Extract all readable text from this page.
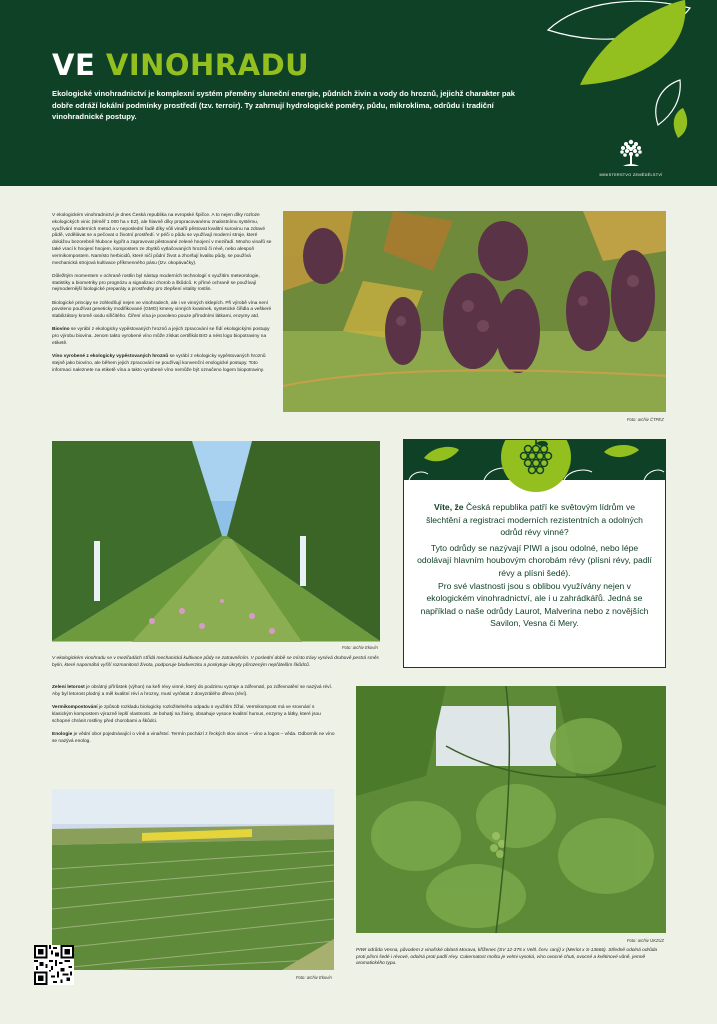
VE VINOHRADU
Ekologické vinohradnictví je komplexní systém přeměny sluneční energie, půdních živin a vody do hroznů, jejichž charakter pak dobře odráží lokální podmínky prostředí (tzv. terroir). Ty zahrnují hydrologické poměry, půdu, mikroklima, odrůdu i tradiční vinohradnické postupy.
MINISTERSTVO ZEMĚDĚLSTVÍ

V ekologickém vinohradnictví je dnes Česká republika na evropské špičce. A to nejen díky rozloze ekologických vinic (téměř 1 000 ha v EZ), ale hlavně díky propracovanému znalostnímu systému, využívání moderních metod a v neposlední řadě díky vůli vinařů pěstovat kvalitní surovinu na zdravé půdě, vzdělávat se a pečovat o životní prostředí. V péči o půdu se využívají moderní stroje, které dokážou bezorebně hluboce kypřit a zapravovat pěstované zelené hnojení v meziřadí. Mnoho vinařů se také vrací k hnojení hnojem, kompostem ze zbytků vytlačovaných hroznů či révě, nebo alespoň vermikompostem. Namísto herbicidů, které ničí půdní život a zhoršují kvalitu půdy, se používá mechanická strojová kultivace příkmenného pásu (tzv. okopávačky).

Důležitým momentem v ochraně rostlin byl nástup moderních technologií s využitím meteorologie, statistiky a biometriky pro prognózu a signalizaci chorob a škůdců. K přímé ochraně se používají nejmodernější biologické preparáty a prostředky pro zlepšení vitality rostlin.

Biologické principy se zohledňují nejen ve vinohradech, ale i ve vinných sklepích. Při výrobě vína není povoleno používat geneticky modifikované (GMO) kmeny vinných kvasinek, syntetické čiřidla a veškeré stabilizátory kromě oxidu siřičitého. Čiření vína je povoleno pouze přírodními látkami, enzymy atd.

Biovíno se vyrábí z ekologicky vypěstovaných hroznů a jejich zpracování se řídí ekologickými postupy pro výrobu biovína. Jenom takto vyrobené víno může získat certifikát BIO a nést logo biopotraviny na etiketě.

Víno vyrobené z ekologicky vypěstovaných hroznů se vyrábí z ekologicky vypěstovaných hroznů stejně jako biovíno, ale během jejich zpracování se používají konvenční enologické postupy. Toto informaci naleznete na etiketě vína a takto vyrobené víno nemůže být označeno logem biopotraviny.

Foto: archiv ČTPEZ
Foto: archiv Ekovín
V ekologickém vinohradu se v meziřadách střídá mechanická kultivace půdy se zatravněním. V poslední době se místo trávy vysévá druhově pestrá směs bylin, které napomáhá vyšší rozmanitosti života, podporuje biodiverzitu a poskytuje úkryty přirozeným nepřátelům škůdců.

Víte, že Česká republika patří ke světovým lídrům ve šlechtění a registraci moderních rezistentních a odolných odrůd révy vinné?

Tyto odrůdy se nazývají PIWI a jsou odolné, nebo lépe odolávají hlavním houbovým chorobám révy (plísni révy, padlí révy a plísni šedé).

Pro své vlastnosti jsou s oblibou využívány nejen v ekologickém vinohradnictví, ale i u zahrádkářů. Jedná se například o naše odrůdy Laurot, Malverina nebo z novějších Savilon, Vesna či Mery.

Zelení letorost je obrátný přírůstek (výhon) na keři révy vinné, který do podzimu vyzraje a zdřevnatí, po zdřevnatění se nazývá réví. Aby byl letorost plodný a měl kvalitní réví a hrozny, musí vyrůstat z dovyzrálého dřeva (réví).

Vermikompostování je způsob rozkladu biologicky rozložitelného odpadu s využitím žížal. Vermikompost má ve srovnání s klasickým kompostem výrazně lepší vlastnosti. Je bohatý na živiny, obsahuje vysoce kvalitní humus, enzymy a látky, které jsou schopné chránit rostliny před chorobami a škůdci.

Enologie je vědní obor pojednávající o víně a vinařství. Termín pochází z řeckých slov oinos – víno a logos – věda. Odborník ne víno se nazývá enolog.

Foto: archiv Ekovín
Foto: archiv ÚKZÚZ
PIWI odrůda Vesna, původem z vinařské oblasti Morava, kříženec (SV 12-375 x Veltl. červ. raný) x (Merlot x S-13666). Středně odolná odrůda proti plísni šedé i révové, odolná proti padlí révy. Cukernatost moštu je velmi vysoká, víno ovocné chuti, ovocné a květinové vůně, jemně aromatického typu.
